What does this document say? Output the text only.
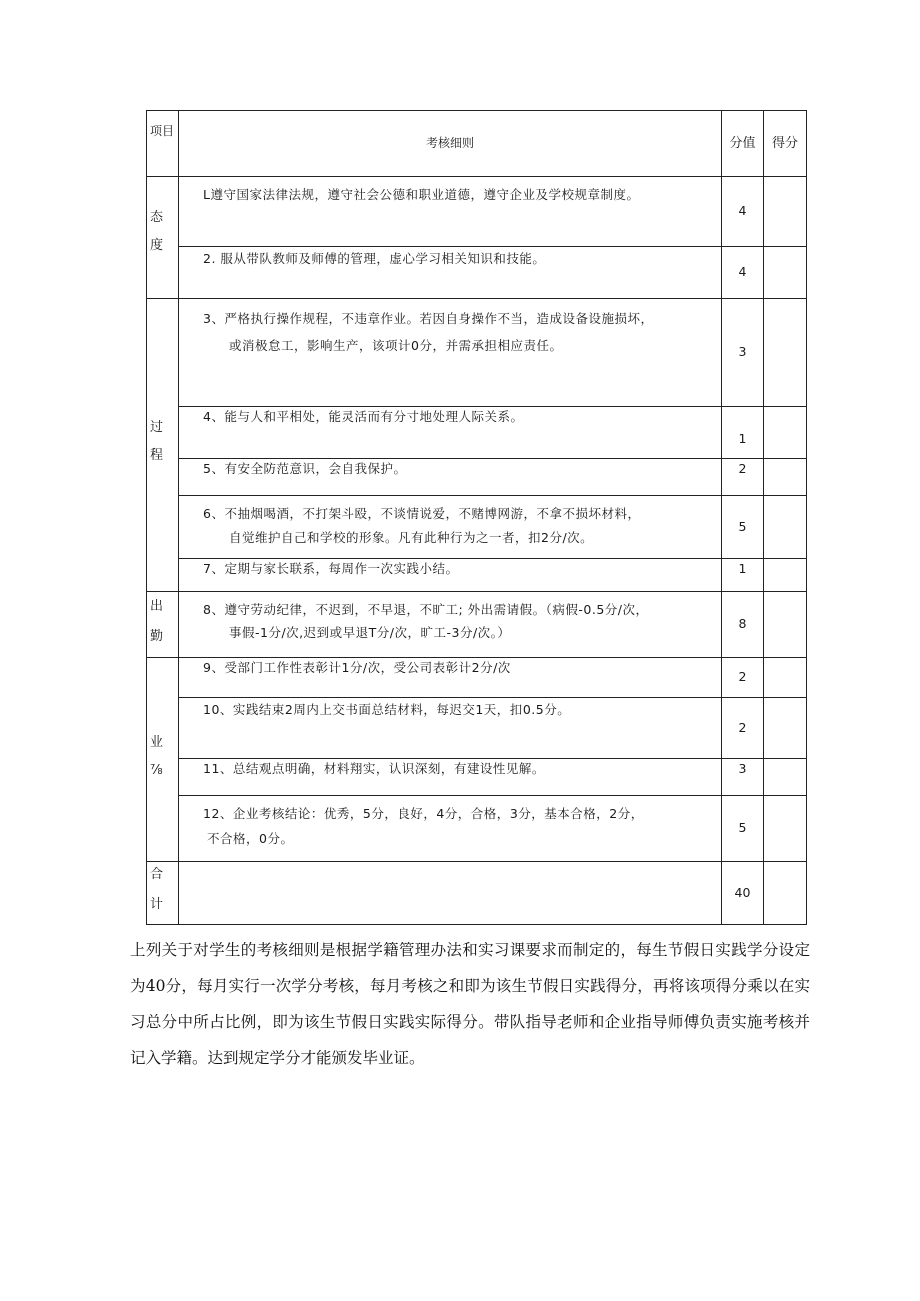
项目	考核细则	分值	得分

态
度	L遵守国家法律法规，遵守社会公德和职业道德，遵守企业及学校规章制度。	4	

	2. 服从带队教师及师傅的管理，虚心学习相关知识和技能。	4	

过
程	3、严格执行操作规程，不违章作业。若因自身操作不当，造成设备设施损坏，
或消极怠工，影响生产，该项计0分，并需承担相应责任。	3	

	4、能与人和平相处，能灵活而有分寸地处理人际关系。	1	

	5、有安全防范意识，会自我保护。	2	

	6、不抽烟喝酒，不打架斗殴，不谈情说爱，不赌博网游，不拿不损坏材料，
自觉维护自己和学校的形象。凡有此种行为之一者，扣2分/次。	5	

	7、定期与家长联系，每周作一次实践小结。	1	

出
勤	8、遵守劳动纪律，不迟到，不早退，不旷工; 外出需请假。（病假-0.5分/次，
事假-1分/次,迟到或早退T分/次，旷工-3分/次。）	8	

业
⅞	9、受部门工作性表彰计1分/次，受公司表彰计2分/次	2	

	10、实践结束2周内上交书面总结材料，每迟交1天，扣0.5分。	2	

	11、总结观点明确，材料翔实，认识深刻，有建设性见解。	3	

	12、企业考核结论：优秀，5分，良好，4分，合格，3分，基本合格，2分，
不合格，0分。	5	

合
计		40	
上列关于对学生的考核细则是根据学籍管理办法和实习课要求而制定的，每生节假日实践学分设定为40分，每月实行一次学分考核，每月考核之和即为该生节假日实践得分，再将该项得分乘以在实习总分中所占比例，即为该生节假日实践实际得分。带队指导老师和企业指导师傅负责实施考核并记入学籍。达到规定学分才能颁发毕业证。
